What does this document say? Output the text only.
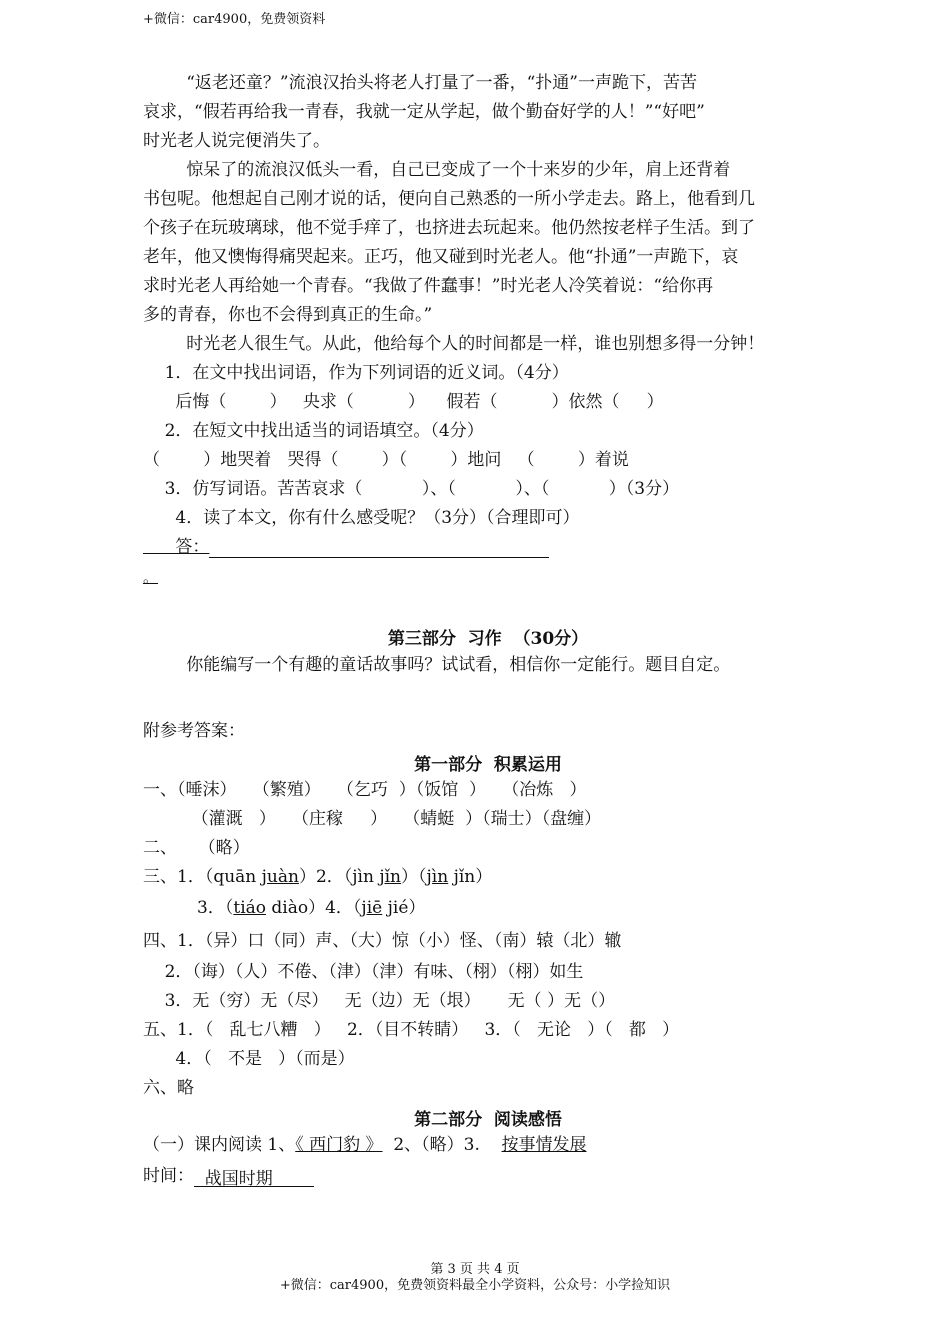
+微信：car4900，免费领资料
“返老还童？”流浪汉抬头将老人打量了一番，“扑通”一声跪下，苦苦
哀求，“假若再给我一青春，我就一定从学起，做个勤奋好学的人！”“好吧”
时光老人说完便消失了。
惊呆了的流浪汉低头一看，自己已变成了一个十来岁的少年，肩上还背着
书包呢。他想起自己刚才说的话，便向自己熟悉的一所小学走去。路上，他看到几
个孩子在玩玻璃球，他不觉手痒了，也挤进去玩起来。他仍然按老样子生活。到了
老年，他又懊悔得痛哭起来。正巧，他又碰到时光老人。他“扑通”一声跪下，哀
求时光老人再给她一个青春。“我做了件蠢事！”时光老人冷笑着说：“给你再
多的青春，你也不会得到真正的生命。”
时光老人很生气。从此，他给每个人的时间都是一样，谁也别想多得一分钟！
1．在文中找出词语，作为下列词语的近义词。（4分）
后悔（        ）   央求（          ）    假若（          ）依然（     ）
2．在短文中找出适当的词语填空。（4分）
（        ）地哭着   哭得（        ）（        ）地问   （        ）着说
3．仿写词语。苦苦哀求（           ）、（           ）、（           ）（3分）
4．读了本文，你有什么感受呢？（3分）（合理即可）
答：
。
第三部分  习作  （30分）
你能编写一个有趣的童话故事吗？试试看，相信你一定能行。题目自定。
附参考答案：
第一部分  积累运用
一、（唾沫）   （繁殖）   （乞巧  ）（饭馆  ）   （冶炼   ）
（灌溉   ）   （庄稼     ）   （蜻蜓  ）（瑞士）（盘缠）
二、    （略）
三、1．（quān juàn）2．（jìn jǐn）（jìn jǐn）
3．（tiáo diào）4．（jiē jié）
四、1．（异）口（同）声、（大）惊（小）怪、（南）辕（北）辙
2．（诲）（人）不倦、（津）（津）有味、（栩）（栩）如生
3．无（穷）无（尽）   无（边）无（垠）     无（ ）无（）
五、1．（   乱七八糟   ）   2．（目不转睛）   3．（   无论   ）（   都   ）
4．（   不是   ）（而是）
六、略
第二部分  阅读感悟
（一）课内阅读 1、《 西门豹 》  2、（略）3.    按事情发展
时间：  战国时期
第 3 页 共 4 页
+微信：car4900，免费领资料最全小学资料，公众号：小学捡知识
